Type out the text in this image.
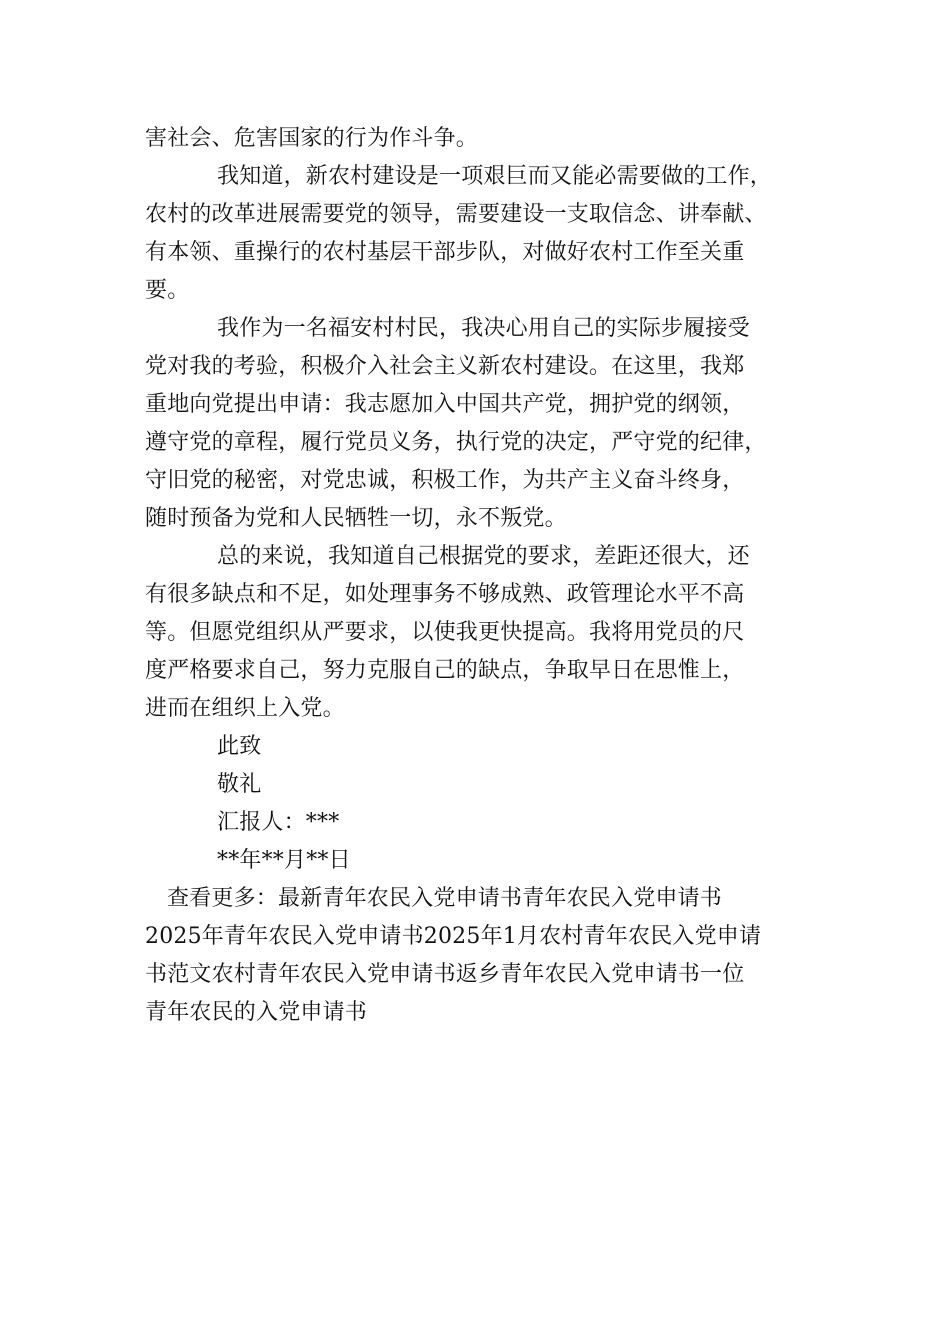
害社会、危害国家的行为作斗争。
我知道，新农村建设是一项艰巨而又能必需要做的工作，
农村的改革进展需要党的领导，需要建设一支取信念、讲奉献、
有本领、重操行的农村基层干部步队，对做好农村工作至关重
要。
我作为一名福安村村民，我决心用自己的实际步履接受
党对我的考验，积极介入社会主义新农村建设。在这里，我郑
重地向党提出申请：我志愿加入中国共产党，拥护党的纲领，
遵守党的章程，履行党员义务，执行党的决定，严守党的纪律，
守旧党的秘密，对党忠诚，积极工作，为共产主义奋斗终身，
随时预备为党和人民牺牲一切，永不叛党。
总的来说，我知道自己根据党的要求，差距还很大，还
有很多缺点和不足，如处理事务不够成熟、政管理论水平不高
等。但愿党组织从严要求，以使我更快提高。我将用党员的尺
度严格要求自己，努力克服自己的缺点，争取早日在思惟上，
进而在组织上入党。
此致
敬礼
汇报人：***
**年**月**日
查看更多：最新青年农民入党申请书青年农民入党申请书
2025年青年农民入党申请书2025年1月农村青年农民入党申请
书范文农村青年农民入党申请书返乡青年农民入党申请书一位
青年农民的入党申请书
